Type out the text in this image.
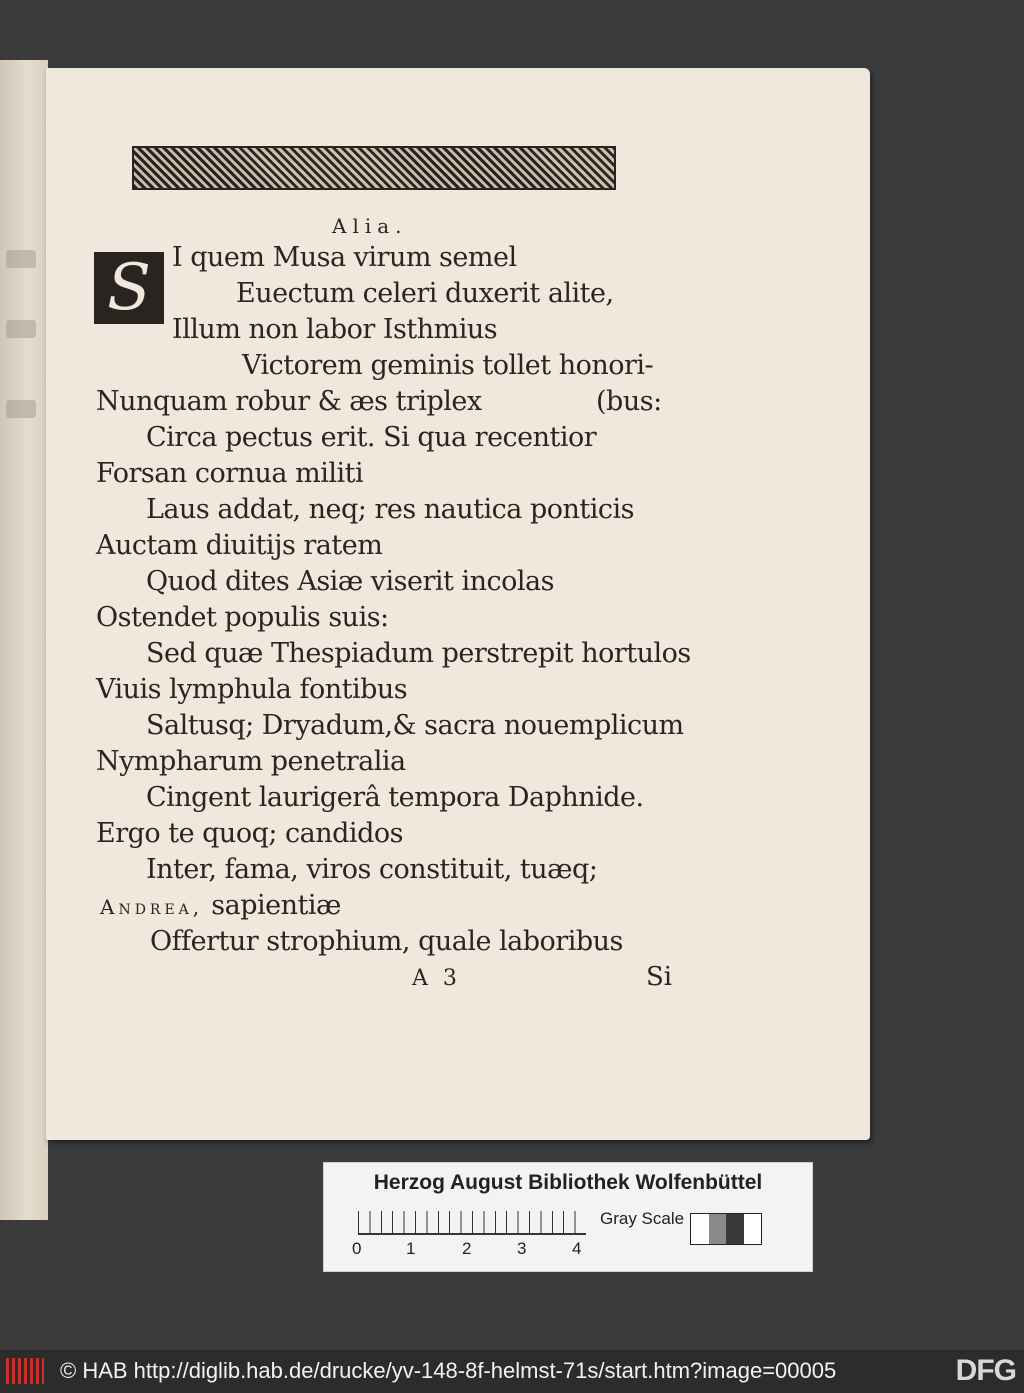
Alia.
S I quem Musa virum semel
Euectum celeri duxerit alite,
Illum non labor Isthmius
Victorem geminis tollet honori-
Nunquam robur & æs triplex	(bus:
Circa pectus erit. Si qua recentior
Forsan cornua militi
Laus addat, neq; res nautica ponticis
Auctam diuitijs ratem
Quod dites Asiæ viserit incolas
Ostendet populis suis:
Sed quæ Thespiadum perstrepit hortulos
Viuis lymphula fontibus
Saltusq; Dryadum,& sacra nouemplicum
Nympharum penetralia
Cingent laurigerâ tempora Daphnide.
Ergo te quoq; candidos
Inter, fama, viros constituit, tuæq;
Andrea, sapientiæ
Offertur strophium, quale laboribus
A 3	Si
Herzog August Bibliothek Wolfenbüttel
0	1	2	3	4
Gray Scale
© HAB http://diglib.hab.de/drucke/yv-148-8f-helmst-71s/start.htm?image=00005	DFG
